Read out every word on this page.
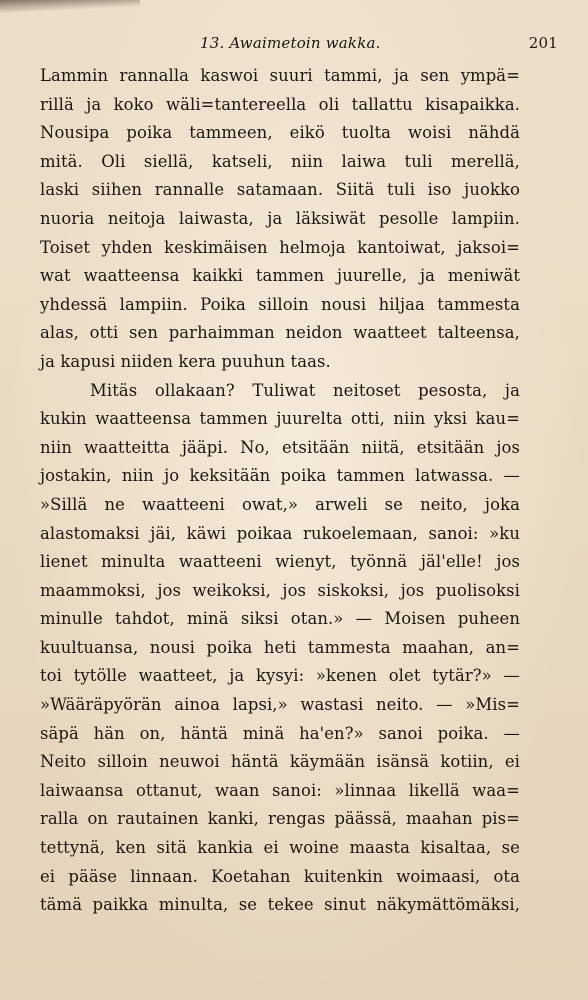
13. Awaimetoin wakka.	201
Lammin rannalla kaswoi suuri tammi, ja sen ympä=
rillä ja koko wäli=tantereella oli tallattu kisapaikka.
Nousipa poika tammeen, eikö tuolta woisi nähdä
mitä. Oli siellä, katseli, niin laiwa tuli merellä,
laski siihen rannalle satamaan. Siitä tuli iso juokko
nuoria neitoja laiwasta, ja läksiwät pesolle lampiin.
Toiset yhden keskimäisen helmoja kantoiwat, jaksoi=
wat waatteensa kaikki tammen juurelle, ja meniwät
yhdessä lampiin. Poika silloin nousi hiljaa tammesta
alas, otti sen parhaimman neidon waatteet talteensa,
ja kapusi niiden kera puuhun taas.
Mitäs ollakaan? Tuliwat neitoset pesosta, ja
kukin waatteensa tammen juurelta otti, niin yksi kau=
niin waatteitta jääpi. No, etsitään niitä, etsitään jos
jostakin, niin jo keksitään poika tammen latwassa. —
»Sillä ne waatteeni owat,» arweli se neito, joka
alastomaksi jäi, käwi poikaa rukoelemaan, sanoi: »ku
lienet minulta waatteeni wienyt, työnnä jäl'elle! jos
maammoksi, jos weikoksi, jos siskoksi, jos puolisoksi
minulle tahdot, minä siksi otan.» — Moisen puheen
kuultuansa, nousi poika heti tammesta maahan, an=
toi tytölle waatteet, ja kysyi: »kenen olet tytär?» —
»Wääräpyörän ainoa lapsi,» wastasi neito. — »Mis=
säpä hän on, häntä minä ha'en?» sanoi poika. —
Neito silloin neuwoi häntä käymään isänsä kotiin, ei
laiwaansa ottanut, waan sanoi: »linnaa likellä waa=
ralla on rautainen kanki, rengas päässä, maahan pis=
tettynä, ken sitä kankia ei woine maasta kisaltaa, se
ei pääse linnaan. Koetahan kuitenkin woimaasi, ota
tämä paikka minulta, se tekee sinut näkymättömäksi,
